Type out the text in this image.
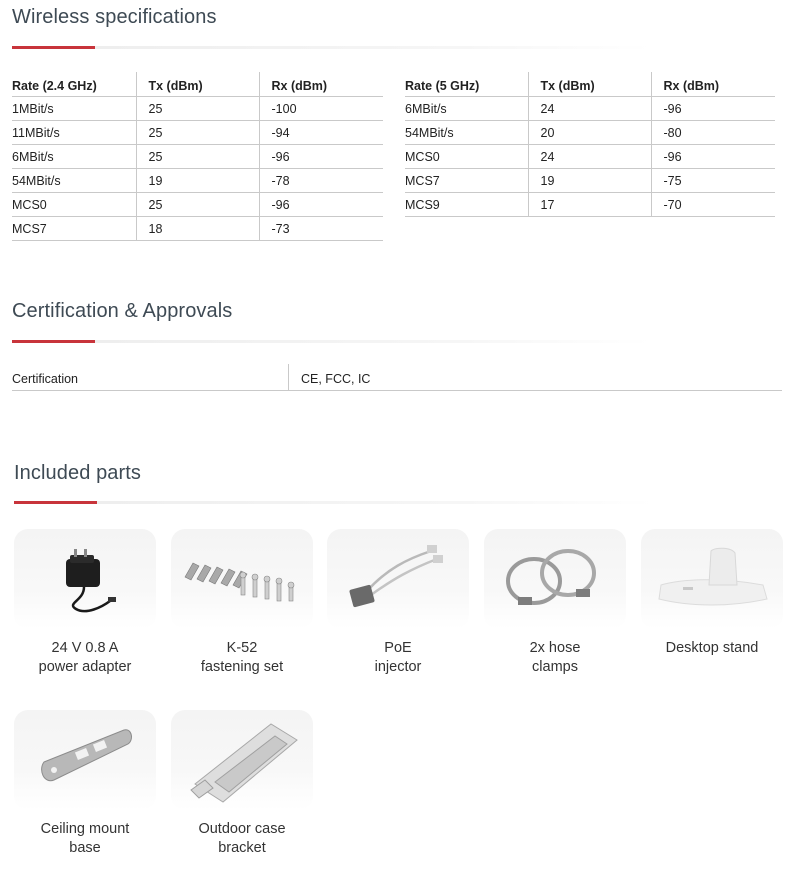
Wireless specifications
Rate (2.4 GHz)	Tx (dBm)	Rx (dBm)
1MBit/s	25	-100
11MBit/s	25	-94
6MBit/s	25	-96
54MBit/s	19	-78
MCS0	25	-96
MCS7	18	-73
Rate (5 GHz)	Tx (dBm)	Rx (dBm)
6MBit/s	24	-96
54MBit/s	20	-80
MCS0	24	-96
MCS7	19	-75
MCS9	17	-70
Certification & Approvals
Certification	CE, FCC, IC
Included parts
24 V 0.8 A
power adapter
K-52
fastening set
PoE
injector
2x hose
clamps
Desktop stand
Ceiling mount
base
Outdoor case
bracket
